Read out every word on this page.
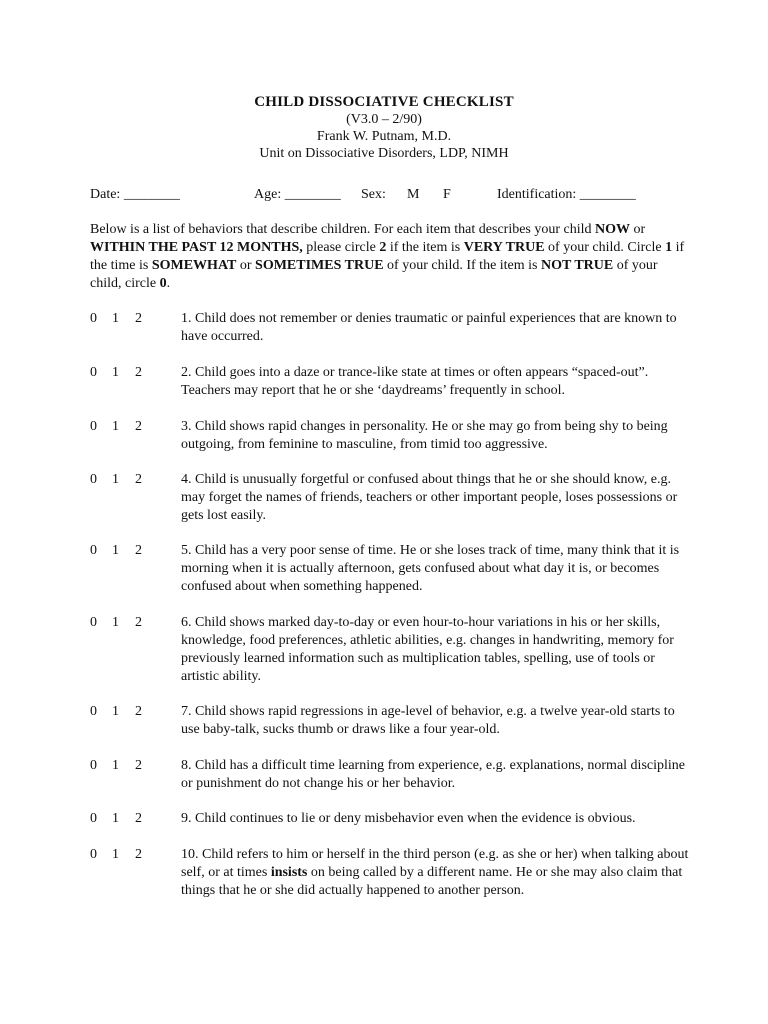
CHILD DISSOCIATIVE CHECKLIST
(V3.0 – 2/90)
Frank W. Putnam, M.D.
Unit on Dissociative Disorders, LDP, NIMH
Date: ________	Age: ________ Sex: M F	Identification: ________

Below is a list of behaviors that describe children. For each item that describes your child NOW or WITHIN THE PAST 12 MONTHS, please circle 2 if the item is VERY TRUE of your child. Circle 1 if the time is SOMEWHAT or SOMETIMES TRUE of your child. If the item is NOT TRUE of your child, circle 0.

0 1 2	1. Child does not remember or denies traumatic or painful experiences that are known to have occurred.

0 1 2	2. Child goes into a daze or trance-like state at times or often appears “spaced-out”. Teachers may report that he or she ‘daydreams’ frequently in school.

0 1 2	3. Child shows rapid changes in personality. He or she may go from being shy to being outgoing, from feminine to masculine, from timid too aggressive.

0 1 2	4. Child is unusually forgetful or confused about things that he or she should know, e.g. may forget the names of friends, teachers or other important people, loses possessions or gets lost easily.

0 1 2	5. Child has a very poor sense of time. He or she loses track of time, many think that it is morning when it is actually afternoon, gets confused about what day it is, or becomes confused about when something happened.

0 1 2	6. Child shows marked day-to-day or even hour-to-hour variations in his or her skills, knowledge, food preferences, athletic abilities, e.g. changes in handwriting, memory for previously learned information such as multiplication tables, spelling, use of tools or artistic ability.

0 1 2	7. Child shows rapid regressions in age-level of behavior, e.g. a twelve year-old starts to use baby-talk, sucks thumb or draws like a four year-old.

0 1 2	8. Child has a difficult time learning from experience, e.g. explanations, normal discipline or punishment do not change his or her behavior.

0 1 2	9. Child continues to lie or deny misbehavior even when the evidence is obvious.

0 1 2	10. Child refers to him or herself in the third person (e.g. as she or her) when talking about self, or at times insists on being called by a different name. He or she may also claim that things that he or she did actually happened to another person.
